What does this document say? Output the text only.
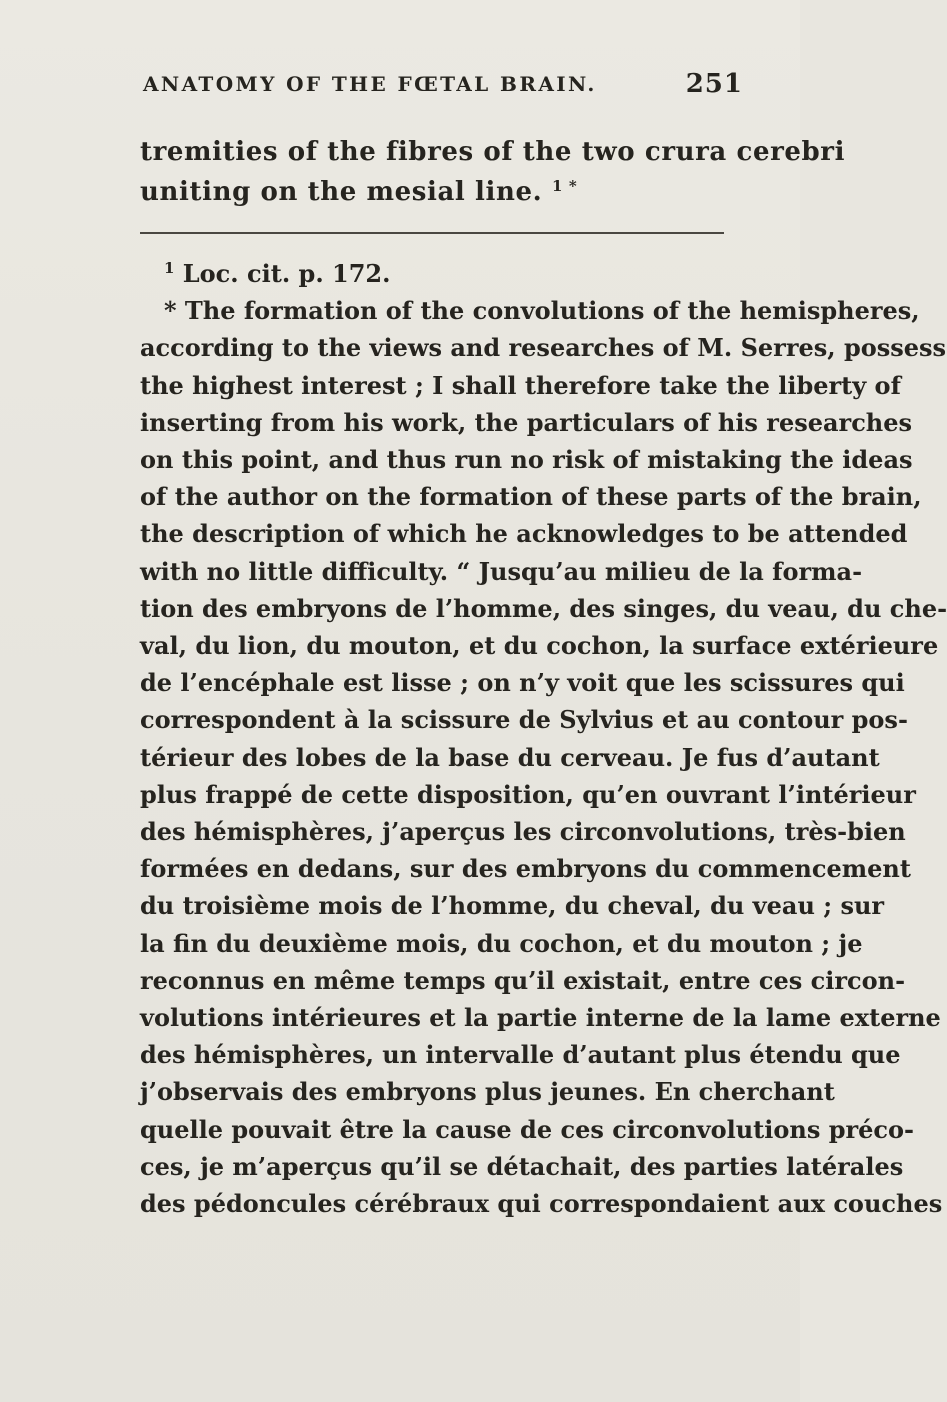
ANATOMY OF THE FŒTAL BRAIN.	251
tremities of the fibres of the two crura cerebri
uniting on the mesial line. $^{1 *}$
$^1$ Loc. cit. p. 172.
* The formation of the convolutions of the hemispheres,
according to the views and researches of M. Serres, possess
the highest interest ; I shall therefore take the liberty of
inserting from his work, the particulars of his researches
on this point, and thus run no risk of mistaking the ideas
of the author on the formation of these parts of the brain,
the description of which he acknowledges to be attended
with no little difficulty. “ Jusqu’au milieu de la forma-
tion des embryons de l’homme, des singes, du veau, du che-
val, du lion, du mouton, et du cochon, la surface extérieure
de l’encéphale est lisse ; on n’y voit que les scissures qui
correspondent à la scissure de Sylvius et au contour pos-
térieur des lobes de la base du cerveau. Je fus d’autant
plus frappé de cette disposition, qu’en ouvrant l’intérieur
des hémisphères, j’aperçus les circonvolutions, très-bien
formées en dedans, sur des embryons du commencement
du troisième mois de l’homme, du cheval, du veau ; sur
la fin du deuxième mois, du cochon, et du mouton ; je
reconnus en même temps qu’il existait, entre ces circon-
volutions intérieures et la partie interne de la lame externe
des hémisphères, un intervalle d’autant plus étendu que
j’observais des embryons plus jeunes. En cherchant
quelle pouvait être la cause de ces circonvolutions préco-
ces, je m’aperçus qu’il se détachait, des parties latérales
des pédoncules cérébraux qui correspondaient aux couches
